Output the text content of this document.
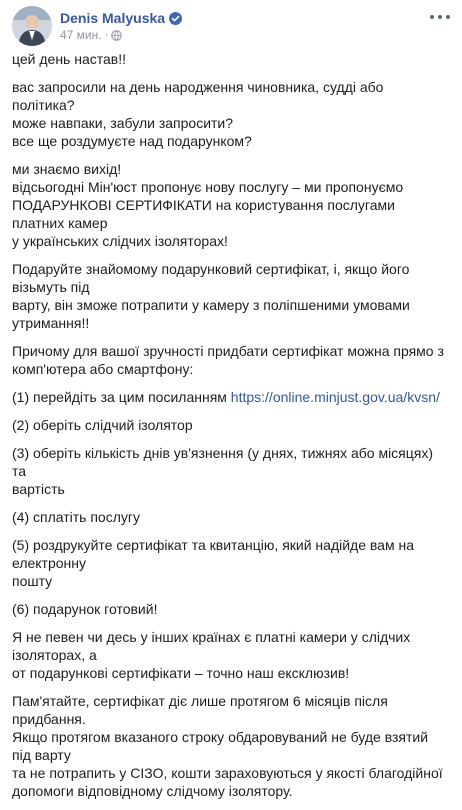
Denis Malyuska
47 мин. ·

цей день настав!!

вас запросили на день народження чиновника, судді або політика?
може навпаки, забули запросити?
все ще роздумуєте над подарунком?

ми знаємо вихід!
відсьогодні Мін'юст пропонує нову послугу – ми пропонуємо
ПОДАРУНКОВІ СЕРТИФІКАТИ на користування послугами платних камер
у українських слідчих ізоляторах!

Подаруйте знайомому подарунковий сертифікат, і, якщо його візьмуть під
варту, він зможе потрапити у камеру з поліпшеними умовами утримання!!

Причому для вашої зручності придбати сертифікат можна прямо з
комп'ютера або смартфону:

(1) перейдіть за цим посиланням https://online.minjust.gov.ua/kvsn/

(2) оберіть слідчий ізолятор

(3) оберіть кількість днів ув'язнення (у днях, тижнях або місяцях) та
вартість

(4) сплатіть послугу

(5) роздрукуйте сертифікат та квитанцію, який надійде вам на електронну
пошту

(6) подарунок готовий!

Я не певен чи десь у інших країнах є платні камери у слідчих ізоляторах, а
от подарункові сертифікати – точно наш ексклюзив!

Пам'ятайте, сертифікат діє лише протягом 6 місяців після придбання.
Якщо протягом вказаного строку обдаровуваний не буде взятий під варту
та не потрапить у СІЗО, кошти зараховуються у якості благодійної
допомоги відповідному слідчому ізолятору.
